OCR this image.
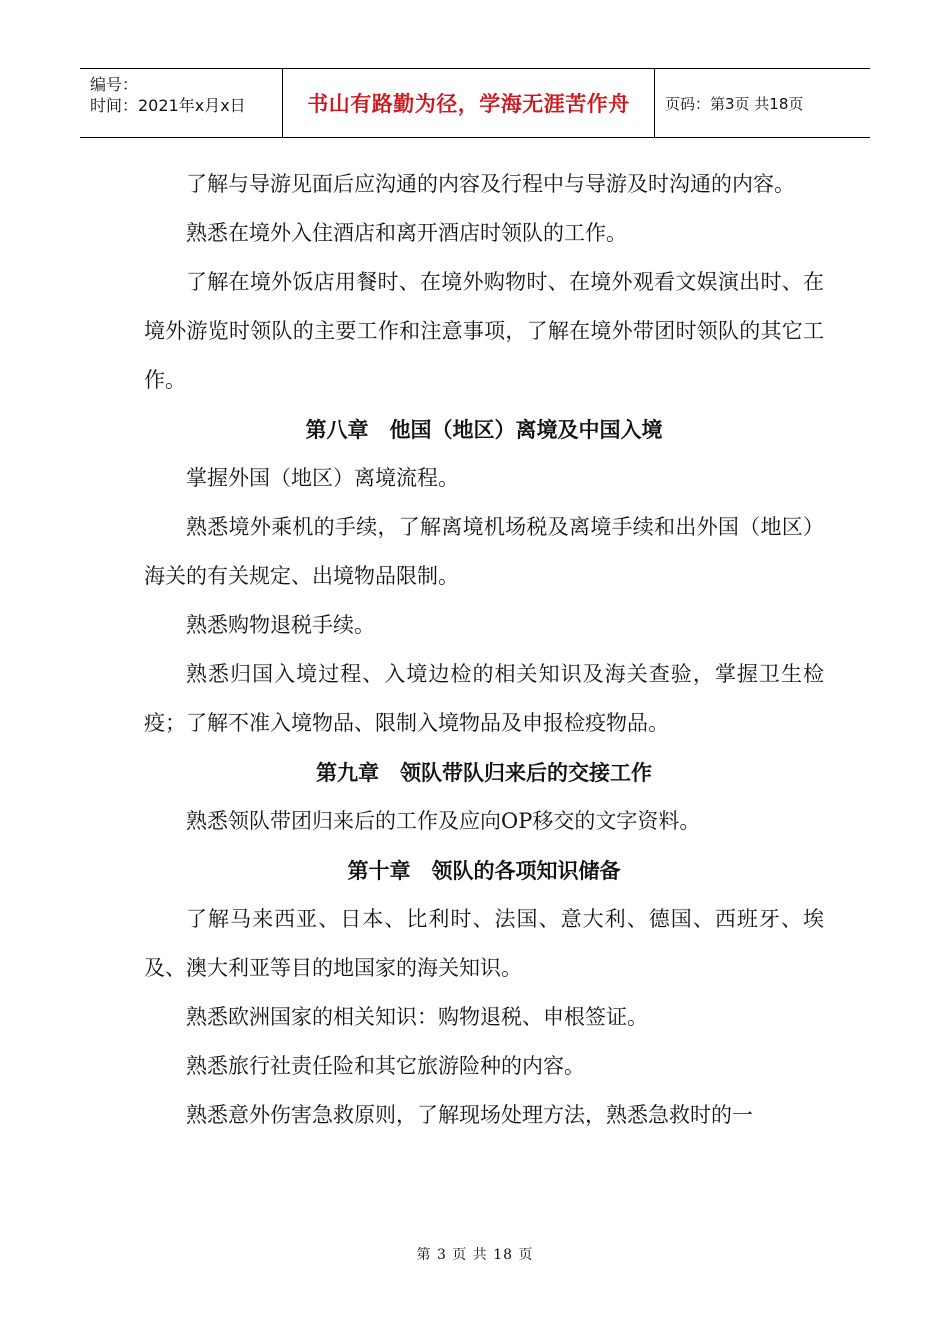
编号：
时间：2021年x月x日	书山有路勤为径，学海无涯苦作舟 页码：第3页 共18页

了解与导游见面后应沟通的内容及行程中与导游及时沟通的内容。

熟悉在境外入住酒店和离开酒店时领队的工作。

了解在境外饭店用餐时、在境外购物时、在境外观看文娱演出时、在境外游览时领队的主要工作和注意事项，了解在境外带团时领队的其它工作。

第八章　他国（地区）离境及中国入境

掌握外国（地区）离境流程。

熟悉境外乘机的手续，了解离境机场税及离境手续和出外国（地区）海关的有关规定、出境物品限制。

熟悉购物退税手续。

熟悉归国入境过程、入境边检的相关知识及海关查验，掌握卫生检疫；了解不准入境物品、限制入境物品及申报检疫物品。

第九章　领队带队归来后的交接工作

熟悉领队带团归来后的工作及应向OP移交的文字资料。

第十章　领队的各项知识储备

了解马来西亚、日本、比利时、法国、意大利、德国、西班牙、埃及、澳大利亚等目的地国家的海关知识。

熟悉欧洲国家的相关知识：购物退税、申根签证。

熟悉旅行社责任险和其它旅游险种的内容。

熟悉意外伤害急救原则，了解现场处理方法，熟悉急救时的一

第 3 页 共 18 页
